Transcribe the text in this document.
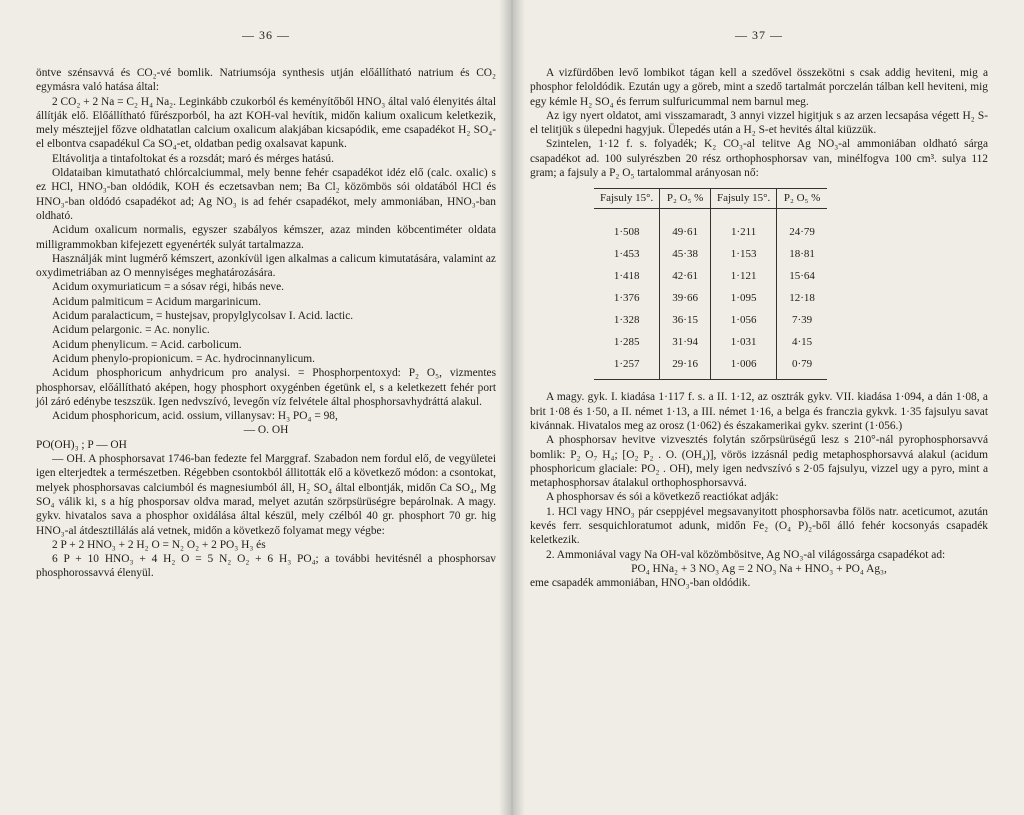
— 36 —

öntve szénsavvá és CO₂-vé bomlik. Natriumsója synthesis utján előállítható natrium és CO₂ egymásra való hatása által:

2 CO₂ + 2 Na = C₂ H₄ Na₂. Leginkább czukorból és keményítőből HNO₃ által való élenyités által állítják elő. Előállítható fűrészporból, ha azt KOH-val hevítik, midőn kalium oxalicum keletkezik, mely mésztejjel főzve oldhatatlan calcium oxalicum alakjában kicsapódik, eme csapadékot H₂ SO₄-el elbontva csapadékul Ca SO₄-et, oldatban pedig oxalsavat kapunk.

Eltávolitja a tintafoltokat és a rozsdát; maró és mérges hatású.

Oldataiban kimutatható chlórcalciummal, mely benne fehér csapadékot idéz elő (calc. oxalic) s ez HCl, HNO₃-ban oldódik, KOH és eczetsavban nem; Ba Cl₂ közömbös sói oldatából HCl és HNO₃-ban oldódó csapadékot ad; Ag NO₃ is ad fehér csapadékot, mely ammoniában, HNO₃-ban oldható.

Acidum oxalicum normalis, egyszer szabályos kémszer, azaz minden köbcentiméter oldata milligrammokban kifejezett egyenérték sulyát tartalmazza.

Használják mint lugmérő kémszert, azonkívül igen alkalmas a calicum kimutatására, valamint az oxydimetriában az O mennyiséges meghatározására.

Acidum oxymuriaticum = a sósav régi, hibás neve.

Acidum palmiticum = Acidum margarinicum.

Acidum paralacticum, = hustejsav, propylglycolsav I. Acid. lactic.

Acidum pelargonic. = Ac. nonylic.

Acidum phenylicum. = Acid. carbolicum.

Acidum phenylo-propionicum. = Ac. hydrocinnanylicum.

Acidum phosphoricum anhydricum pro analysi. = Phosphorpentoxyd: P₂ O₅, vizmentes phosphorsav, előállítható aképen, hogy phosphort oxygénben égetünk el, s a keletkezett fehér port jól záró edénybe teszszük. Igen nedvszívó, levegőn víz felvétele által phosphorsavhydráttá alakul.

Acidum phosphoricum, acid. ossium, villanysav: H₃ PO₄ = 98,

— O. OH

PO(OH)₃ ; P — OH

— OH. A phosphorsavat 1746-ban fedezte fel Marggraf. Szabadon nem fordul elő, de vegyületei igen elterjedtek a természetben. Régebben csontokból állitották elő a következő módon: a csontokat, melyek phosphorsavas calciumból és magnesiumból áll, H₂ SO₄ által elbontják, midőn Ca SO₄, Mg SO₄ válik ki, s a híg phosporsav oldva marad, melyet azután szörpsürüségre bepárolnak. A magy. gykv. hivatalos sava a phosphor oxidálása által készül, mely czélból 40 gr. phosphort 70 gr. hig HNO₃-al átdesztillálás alá vetnek, midőn a következő folyamat megy végbe:

2 P + 2 HNO₃ + 2 H₂ O = N₂ O₂ + 2 PO₃ H₃ és

6 P + 10 HNO₃ + 4 H₂ O = 5 N₂ O₂ + 6 H₃ PO₄; a további hevitésnél a phosphorsav phosphorossavvá élenyül.

— 37 —

A vizfürdőben levő lombikot tágan kell a szedővel összekötni s csak addig heviteni, mig a phosphor feloldódik. Ezután ugy a göreb, mint a szedő tartalmát porczelán tálban kell heviteni, mig egy kémle H₂ SO₄ és ferrum sulfuricummal nem barnul meg.

Az igy nyert oldatot, ami visszamaradt, 3 annyi vizzel higitjuk s az arzen lecsapása végett H₂ S-el telitjük s ülepedni hagyjuk. Ülepedés után a H₂ S-et hevités által kiüzzük.

Szintelen, 1·12 f. s. folyadék; K₂ CO₃-al telitve Ag NO₃-al ammoniában oldható sárga csapadékot ad. 100 sulyrészben 20 rész orthophosphorsav van, minélfogva 100 cm³. sulya 112 gram; a fajsuly a P₂ O₅ tartalommal arányosan nő:

Fajsuly 15°.	P₂ O₅ %	Fajsuly 15°.	P₂ O₅ %
1·508	49·61	1·211	24·79
1·453	45·38	1·153	18·81
1·418	42·61	1·121	15·64
1·376	39·66	1·095	12·18
1·328	36·15	1·056	7·39
1·285	31·94	1·031	4·15
1·257	29·16	1·006	0·79

A magy. gyk. I. kiadása 1·117 f. s. a II. 1·12, az osztrák gykv. VII. kiadása 1·094, a dán 1·08, a brit 1·08 és 1·50, a II. német 1·13, a III. német 1·16, a belga és franczia gykvk. 1·35 fajsulyu savat kivánnak. Hivatalos meg az orosz (1·062) és északamerikai gykv. szerint (1·056.)

A phosphorsav hevitve vizvesztés folytán szőrpsürüségű lesz s 210°-nál pyrophosphorsavvá bomlik: P₂ O₇ H₄; [O₂ P₂ . O. (OH₄)], vörös izzásnál pedig metaphosphorsavvá alakul (acidum phosphoricum glaciale: PO₂ . OH), mely igen nedvszívó s 2·05 fajsulyu, vizzel ugy a pyro, mint a metaphosphorsav átalakul orthophosphorsavvá.

A phosphorsav és sói a következő reactiókat adják:

1. HCl vagy HNO₃ pár cseppjével megsavanyitott phosphorsavba fölös natr. aceticumot, azután kevés ferr. sesquichloratumot adunk, midőn Fe₂ (O₄ P)₂-ből álló fehér kocsonyás csapadék keletkezik.

2. Ammoniával vagy Na OH-val közömbösitve, Ag NO₃-al világossárga csapadékot ad:

PO₄ HNa₂ + 3 NO₃ Ag = 2 NO₃ Na + HNO₃ + PO₄ Ag₃,

eme csapadék ammoniában, HNO₃-ban oldódik.
